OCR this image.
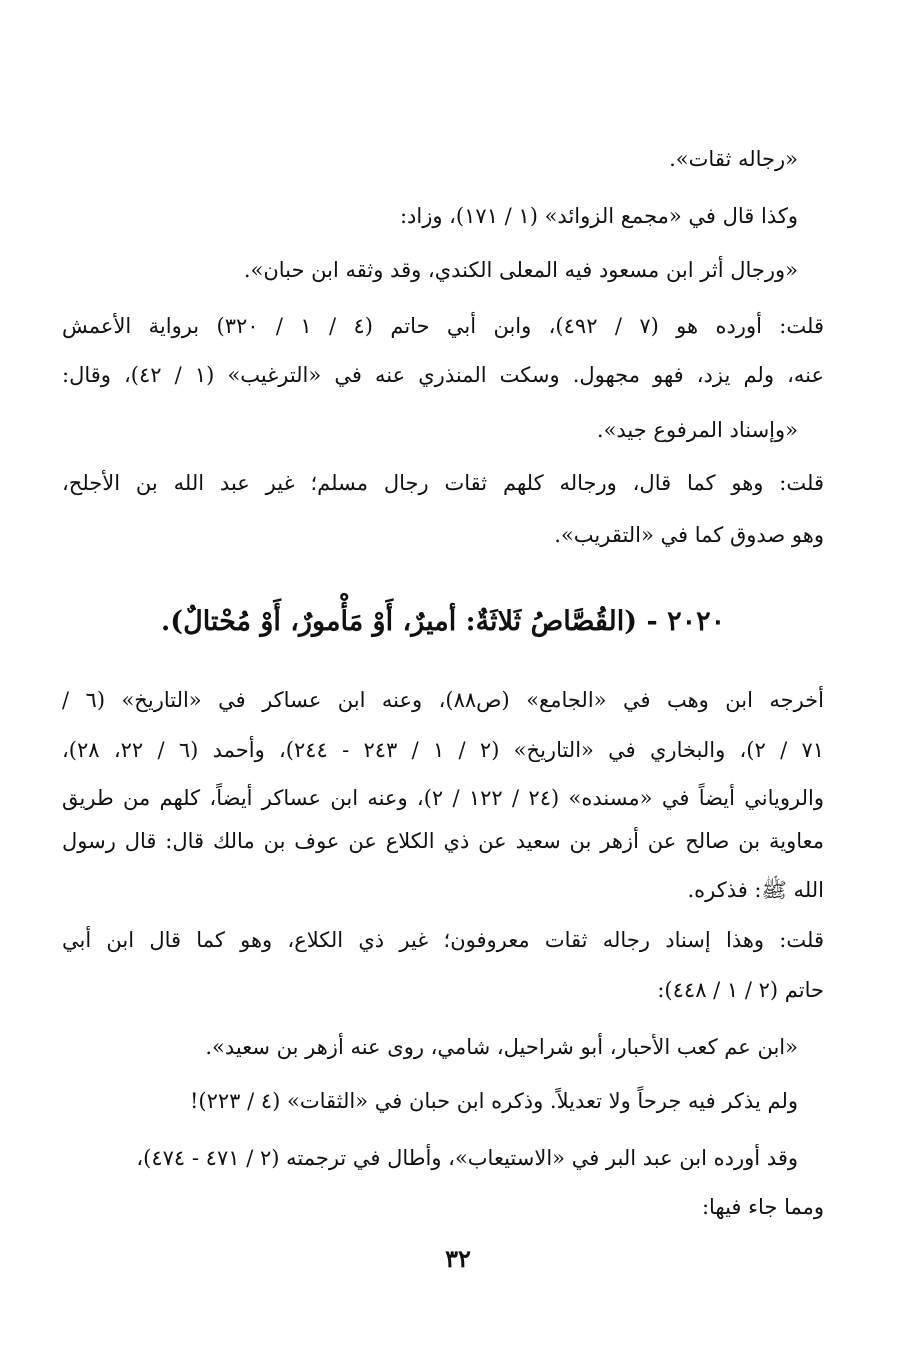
«رجاله ثقات».
وكذا قال في «مجمع الزوائد» (١ / ١٧١)، وزاد:
«ورجال أثر ابن مسعود فيه المعلى الكندي، وقد وثقه ابن حبان».
قلت: أورده هو (٧ / ٤٩٢)، وابن أبي حاتم (٤ / ١ / ٣٢٠) برواية الأعمش
عنه، ولم يزد، فهو مجهول. وسكت المنذري عنه في «الترغيب» (١ / ٤٢)، وقال:
«وإسناد المرفوع جيد».
قلت: وهو كما قال، ورجاله كلهم ثقات رجال مسلم؛ غير عبد الله بن الأجلح،
وهو صدوق كما في «التقريب».
٢٠٢٠ - (القُصَّاصُ ثَلاثَةٌ: أميرٌ، أَوْ مَأْمورٌ، أَوْ مُحْتالٌ).
أخرجه ابن وهب في «الجامع» (ص٨٨)، وعنه ابن عساكر في «التاريخ» (٦ /
٧١ / ٢)، والبخاري في «التاريخ» (٢ / ١ / ٢٤٣ - ٢٤٤)، وأحمد (٦ / ٢٢، ٢٨)،
والروياني أيضاً في «مسنده» (٢٤ / ١٢٢ / ٢)، وعنه ابن عساكر أيضاً، كلهم من طريق
معاوية بن صالح عن أزهر بن سعيد عن ذي الكلاع عن عوف بن مالك قال: قال رسول
الله ﷺ: فذكره.
قلت: وهذا إسناد رجاله ثقات معروفون؛ غير ذي الكلاع، وهو كما قال ابن أبي
حاتم (٢ / ١ / ٤٤٨):
«ابن عم كعب الأحبار، أبو شراحيل، شامي، روى عنه أزهر بن سعيد».
ولم يذكر فيه جرحاً ولا تعديلاً. وذكره ابن حبان في «الثقات» (٤ / ٢٢٣)!
وقد أورده ابن عبد البر في «الاستيعاب»، وأطال في ترجمته (٢ / ٤٧١ - ٤٧٤)،
ومما جاء فيها:
٣٢
